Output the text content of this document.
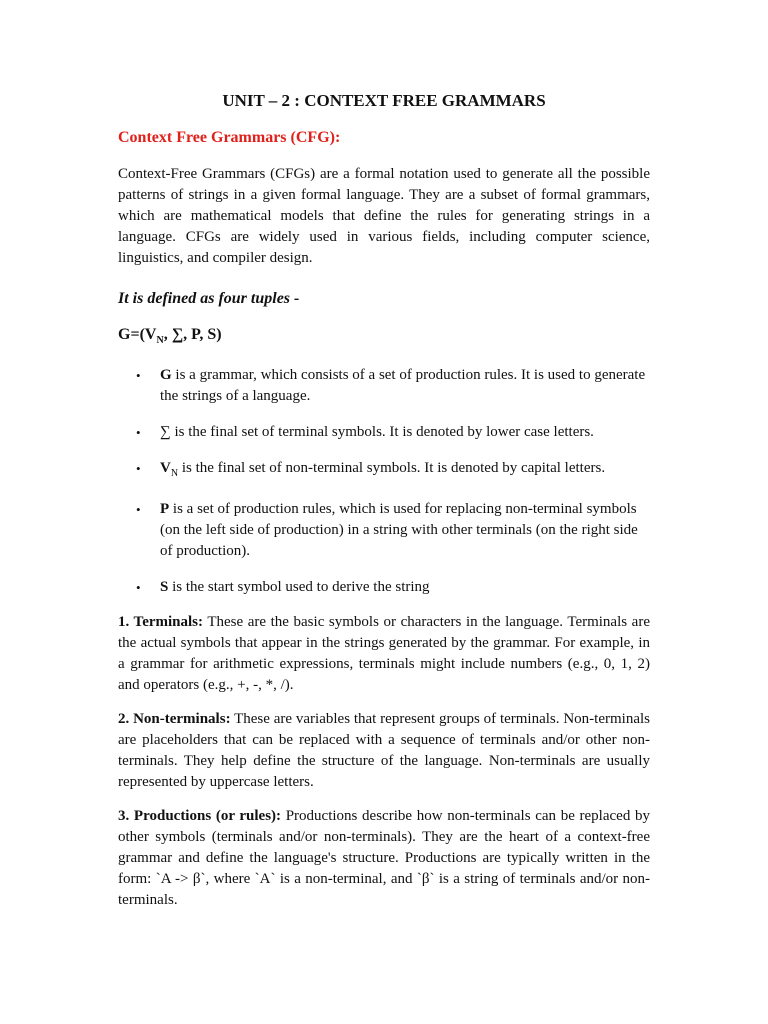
UNIT – 2 : CONTEXT FREE GRAMMARS
Context Free Grammars (CFG):

Context-Free Grammars (CFGs) are a formal notation used to generate all the possible patterns of strings in a given formal language. They are a subset of formal grammars, which are mathematical models that define the rules for generating strings in a language. CFGs are widely used in various fields, including computer science, linguistics, and compiler design.

It is defined as four tuples -
$G=(V_N$, ∑, P, S)
• G is a grammar, which consists of a set of production rules. It is used to generate the strings of a language.
• ∑ is the final set of terminal symbols. It is denoted by lower case letters.
• $V_N$ is the final set of non-terminal symbols. It is denoted by capital letters.
• P is a set of production rules, which is used for replacing non-terminal symbols (on the left side of production) in a string with other terminals (on the right side of production).
• S is the start symbol used to derive the string

1. Terminals: These are the basic symbols or characters in the language. Terminals are the actual symbols that appear in the strings generated by the grammar. For example, in a grammar for arithmetic expressions, terminals might include numbers (e.g., 0, 1, 2) and operators (e.g., +, -, *, /).

2. Non-terminals: These are variables that represent groups of terminals. Non-terminals are placeholders that can be replaced with a sequence of terminals and/or other non-terminals. They help define the structure of the language. Non-terminals are usually represented by uppercase letters.

3. Productions (or rules): Productions describe how non-terminals can be replaced by other symbols (terminals and/or non-terminals). They are the heart of a context-free grammar and define the language's structure. Productions are typically written in the form: `A -> β`, where `A` is a non-terminal, and `β` is a string of terminals and/or non-terminals.
